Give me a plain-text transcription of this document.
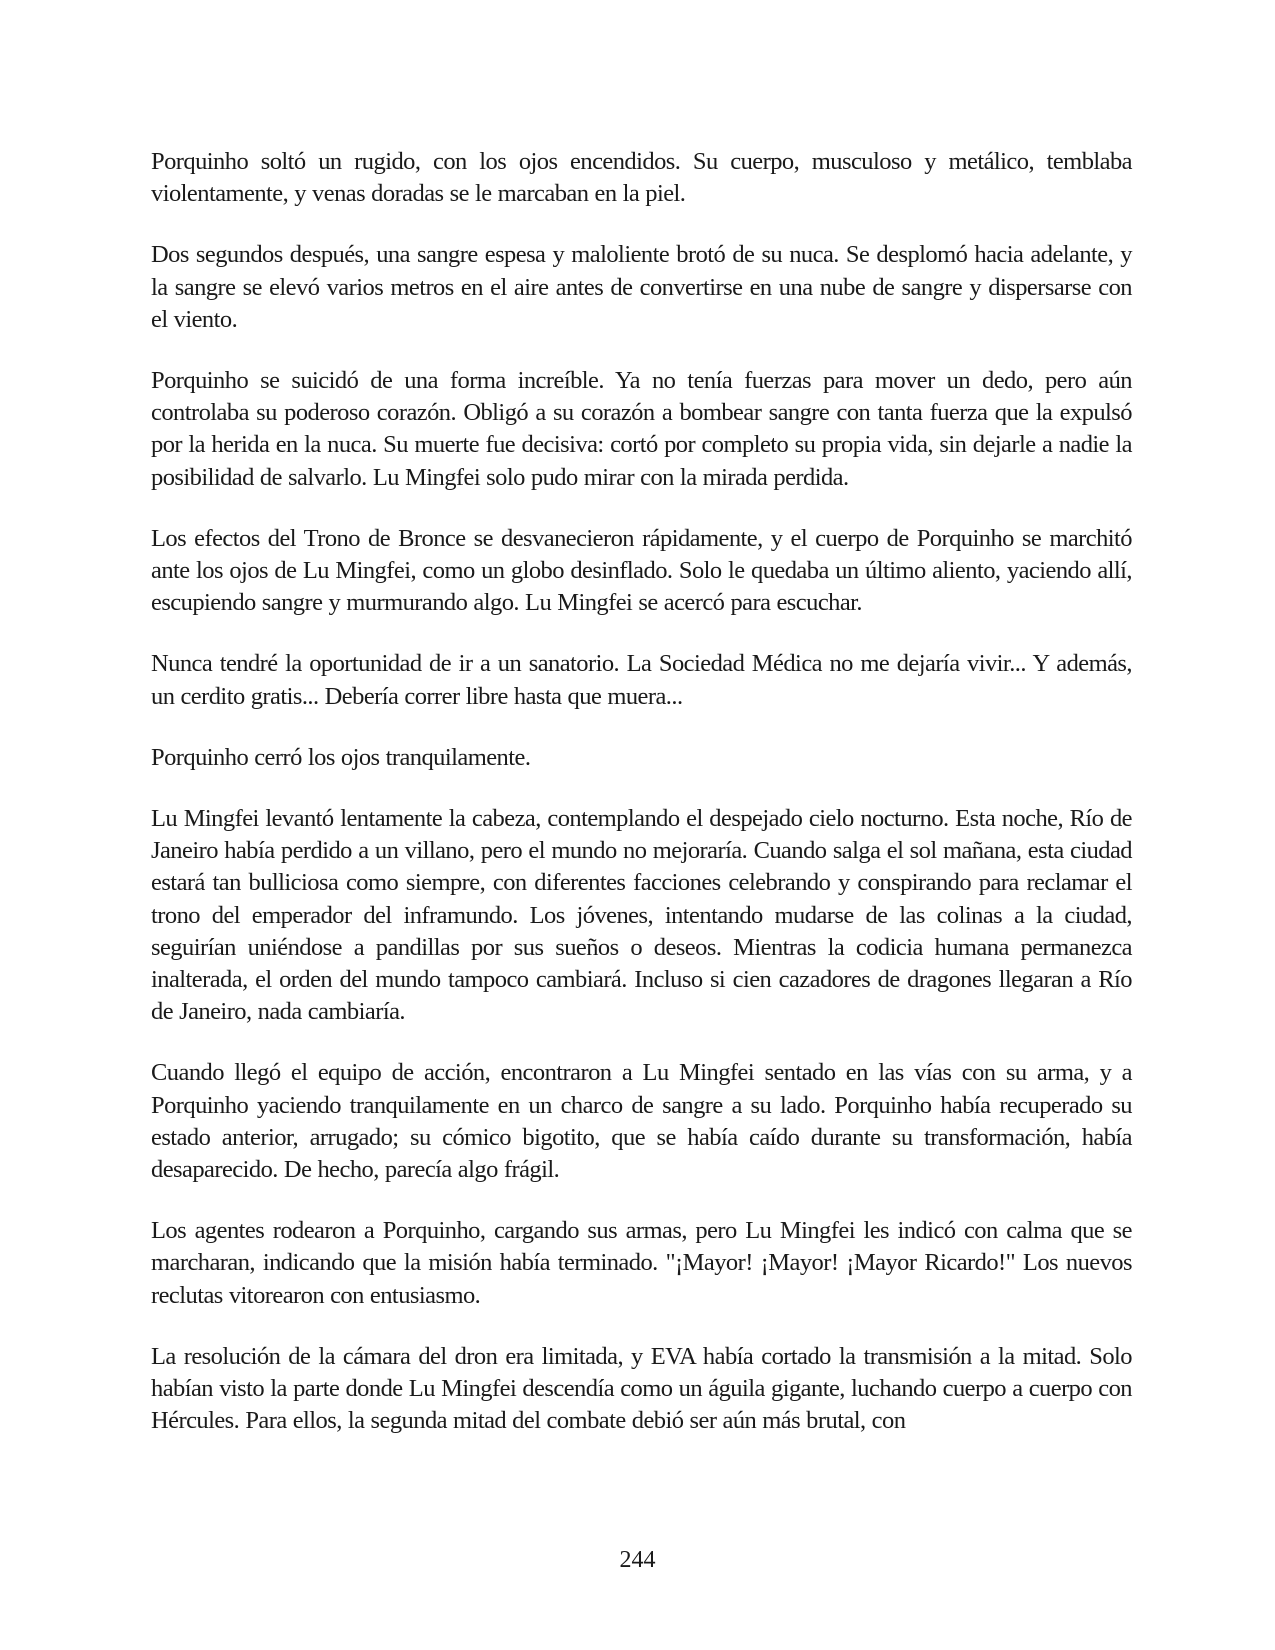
Porquinho soltó un rugido, con los ojos encendidos. Su cuerpo, musculoso y metálico, temblaba violentamente, y venas doradas se le marcaban en la piel.

Dos segundos después, una sangre espesa y maloliente brotó de su nuca. Se desplomó hacia adelante, y la sangre se elevó varios metros en el aire antes de convertirse en una nube de sangre y dispersarse con el viento.

Porquinho se suicidó de una forma increíble. Ya no tenía fuerzas para mover un dedo, pero aún controlaba su poderoso corazón. Obligó a su corazón a bombear sangre con tanta fuerza que la expulsó por la herida en la nuca. Su muerte fue decisiva: cortó por completo su propia vida, sin dejarle a nadie la posibilidad de salvarlo. Lu Mingfei solo pudo mirar con la mirada perdida.

Los efectos del Trono de Bronce se desvanecieron rápidamente, y el cuerpo de Porquinho se marchitó ante los ojos de Lu Mingfei, como un globo desinflado. Solo le quedaba un último aliento, yaciendo allí, escupiendo sangre y murmurando algo. Lu Mingfei se acercó para escuchar.

Nunca tendré la oportunidad de ir a un sanatorio. La Sociedad Médica no me dejaría vivir... Y además, un cerdito gratis... Debería correr libre hasta que muera...

Porquinho cerró los ojos tranquilamente.

Lu Mingfei levantó lentamente la cabeza, contemplando el despejado cielo nocturno. Esta noche, Río de Janeiro había perdido a un villano, pero el mundo no mejoraría. Cuando salga el sol mañana, esta ciudad estará tan bulliciosa como siempre, con diferentes facciones celebrando y conspirando para reclamar el trono del emperador del inframundo. Los jóvenes, intentando mudarse de las colinas a la ciudad, seguirían uniéndose a pandillas por sus sueños o deseos. Mientras la codicia humana permanezca inalterada, el orden del mundo tampoco cambiará. Incluso si cien cazadores de dragones llegaran a Río de Janeiro, nada cambiaría.

Cuando llegó el equipo de acción, encontraron a Lu Mingfei sentado en las vías con su arma, y a Porquinho yaciendo tranquilamente en un charco de sangre a su lado. Porquinho había recuperado su estado anterior, arrugado; su cómico bigotito, que se había caído durante su transformación, había desaparecido. De hecho, parecía algo frágil.

Los agentes rodearon a Porquinho, cargando sus armas, pero Lu Mingfei les indicó con calma que se marcharan, indicando que la misión había terminado. "¡Mayor! ¡Mayor! ¡Mayor Ricardo!" Los nuevos reclutas vitorearon con entusiasmo.

La resolución de la cámara del dron era limitada, y EVA había cortado la transmisión a la mitad. Solo habían visto la parte donde Lu Mingfei descendía como un águila gigante, luchando cuerpo a cuerpo con Hércules. Para ellos, la segunda mitad del combate debió ser aún más brutal, con

244
